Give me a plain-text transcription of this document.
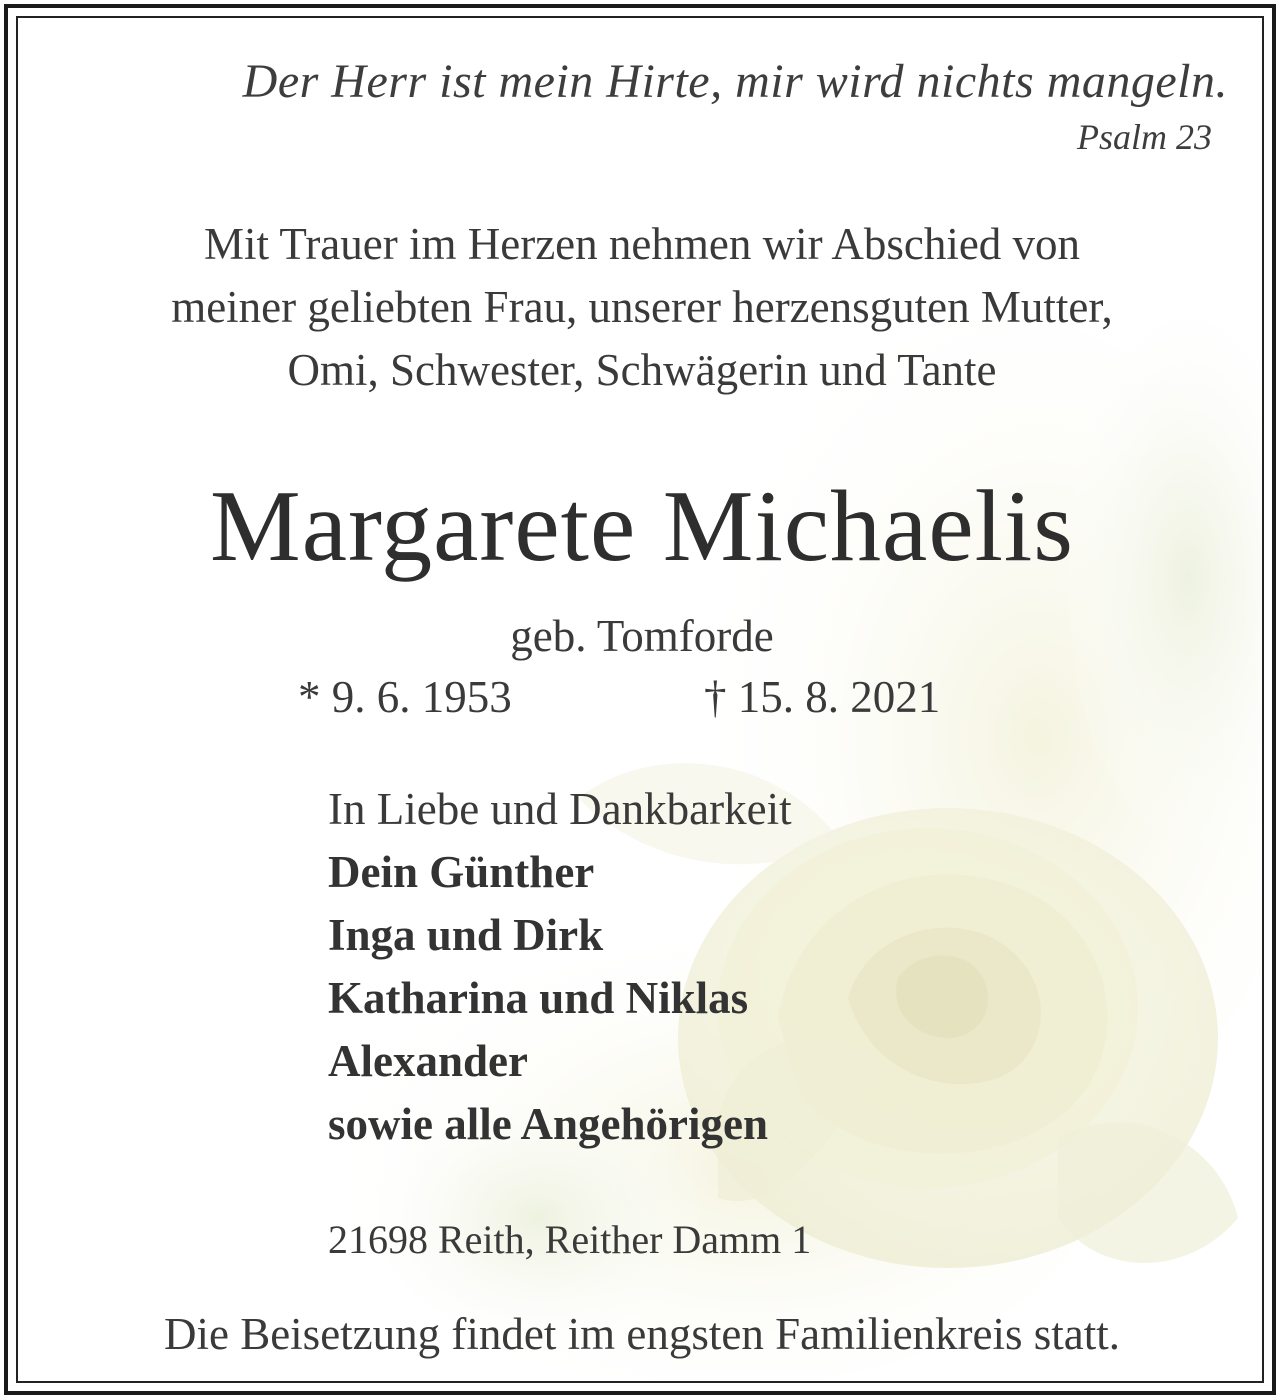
Der Herr ist mein Hirte, mir wird nichts mangeln.
Psalm 23
Mit Trauer im Herzen nehmen wir Abschied von
meiner geliebten Frau, unserer herzensguten Mutter,
Omi, Schwester, Schwägerin und Tante
Margarete Michaelis
geb. Tomforde
* 9. 6. 1953	† 15. 8. 2021
In Liebe und Dankbarkeit
Dein Günther
Inga und Dirk
Katharina und Niklas
Alexander
sowie alle Angehörigen
21698 Reith, Reither Damm 1
Die Beisetzung findet im engsten Familienkreis statt.
